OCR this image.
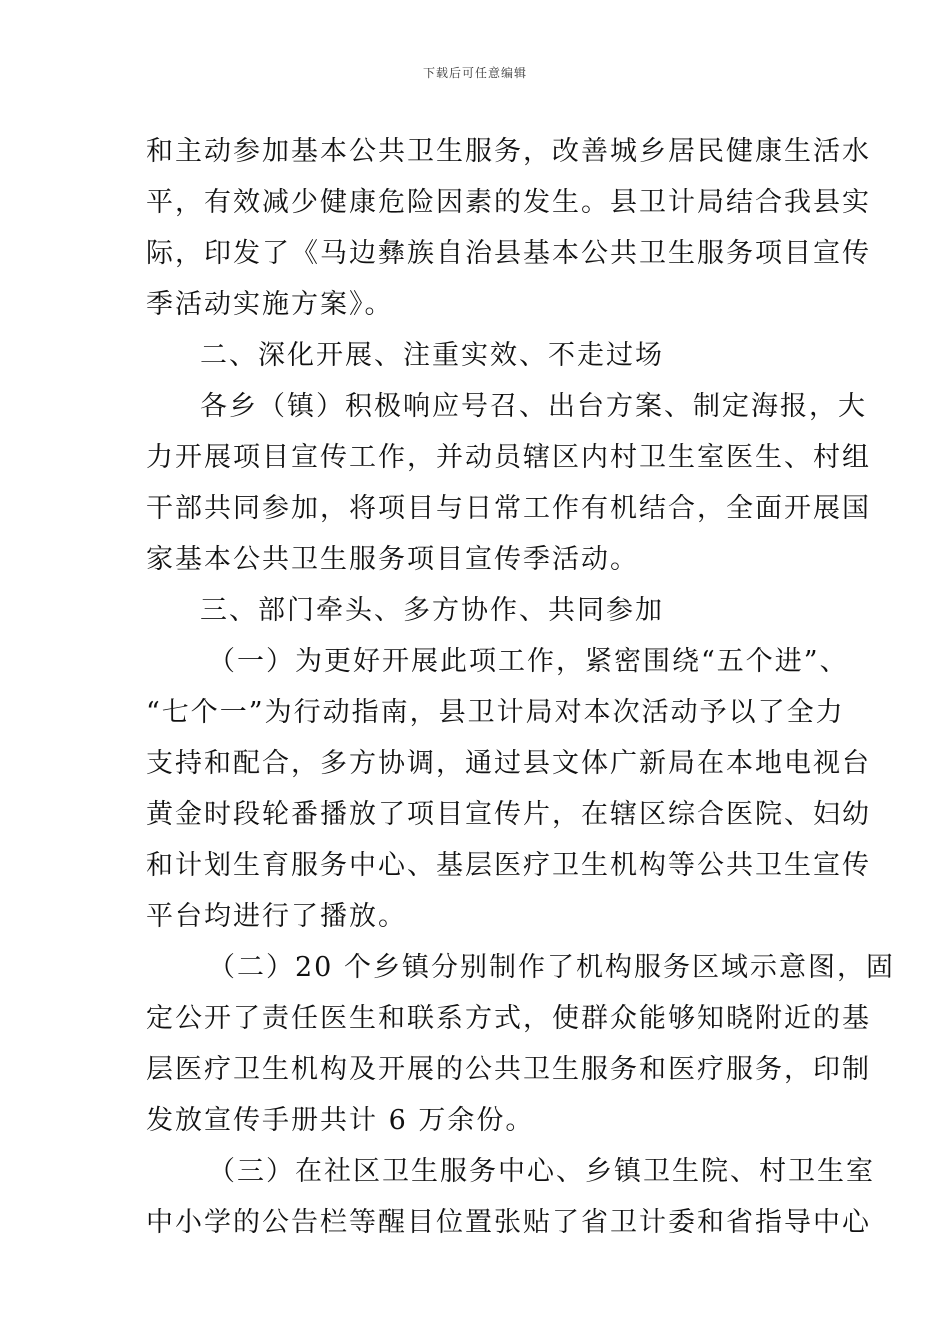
下载后可任意编辑
和主动参加基本公共卫生服务，改善城乡居民健康生活水
平，有效减少健康危险因素的发生。县卫计局结合我县实
际，印发了《马边彝族自治县基本公共卫生服务项目宣传
季活动实施方案》。
二、深化开展、注重实效、不走过场
各乡（镇）积极响应号召、出台方案、制定海报，大
力开展项目宣传工作，并动员辖区内村卫生室医生、村组
干部共同参加，将项目与日常工作有机结合，全面开展国
家基本公共卫生服务项目宣传季活动。
三、部门牵头、多方协作、共同参加
（一）为更好开展此项工作，紧密围绕“五个进”、
“七个一”为行动指南，县卫计局对本次活动予以了全力
支持和配合，多方协调，通过县文体广新局在本地电视台
黄金时段轮番播放了项目宣传片，在辖区综合医院、妇幼
和计划生育服务中心、基层医疗卫生机构等公共卫生宣传
平台均进行了播放。
（二）20 个乡镇分别制作了机构服务区域示意图，固
定公开了责任医生和联系方式，使群众能够知晓附近的基
层医疗卫生机构及开展的公共卫生服务和医疗服务，印制
发放宣传手册共计 6 万余份。
（三）在社区卫生服务中心、乡镇卫生院、村卫生室
中小学的公告栏等醒目位置张贴了省卫计委和省指导中心
